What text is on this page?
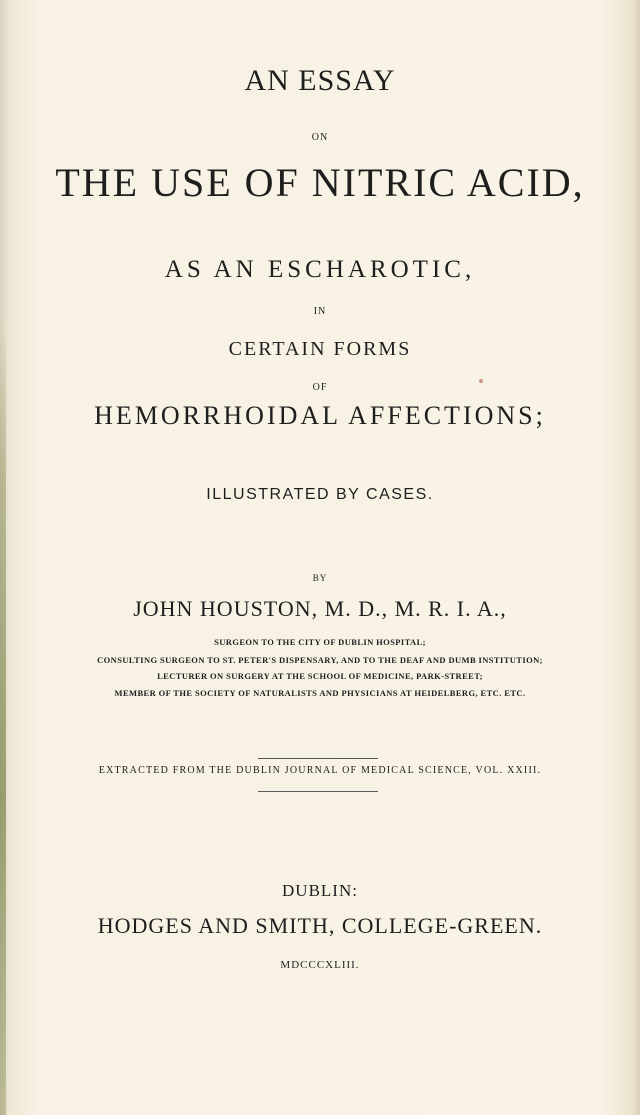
AN ESSAY
ON
THE USE OF NITRIC ACID,
AS AN ESCHAROTIC,
IN
CERTAIN FORMS
OF
HEMORRHOIDAL AFFECTIONS;
ILLUSTRATED BY CASES.
BY
JOHN HOUSTON, M. D., M. R. I. A.,
SURGEON TO THE CITY OF DUBLIN HOSPITAL;
CONSULTING SURGEON TO ST. PETER'S DISPENSARY, AND TO THE DEAF AND DUMB INSTITUTION;
LECTURER ON SURGERY AT THE SCHOOL OF MEDICINE, PARK-STREET;
MEMBER OF THE SOCIETY OF NATURALISTS AND PHYSICIANS AT HEIDELBERG, ETC. ETC.
EXTRACTED FROM THE DUBLIN JOURNAL OF MEDICAL SCIENCE, VOL. XXIII.
DUBLIN:
HODGES AND SMITH, COLLEGE-GREEN.
MDCCCXLIII.
